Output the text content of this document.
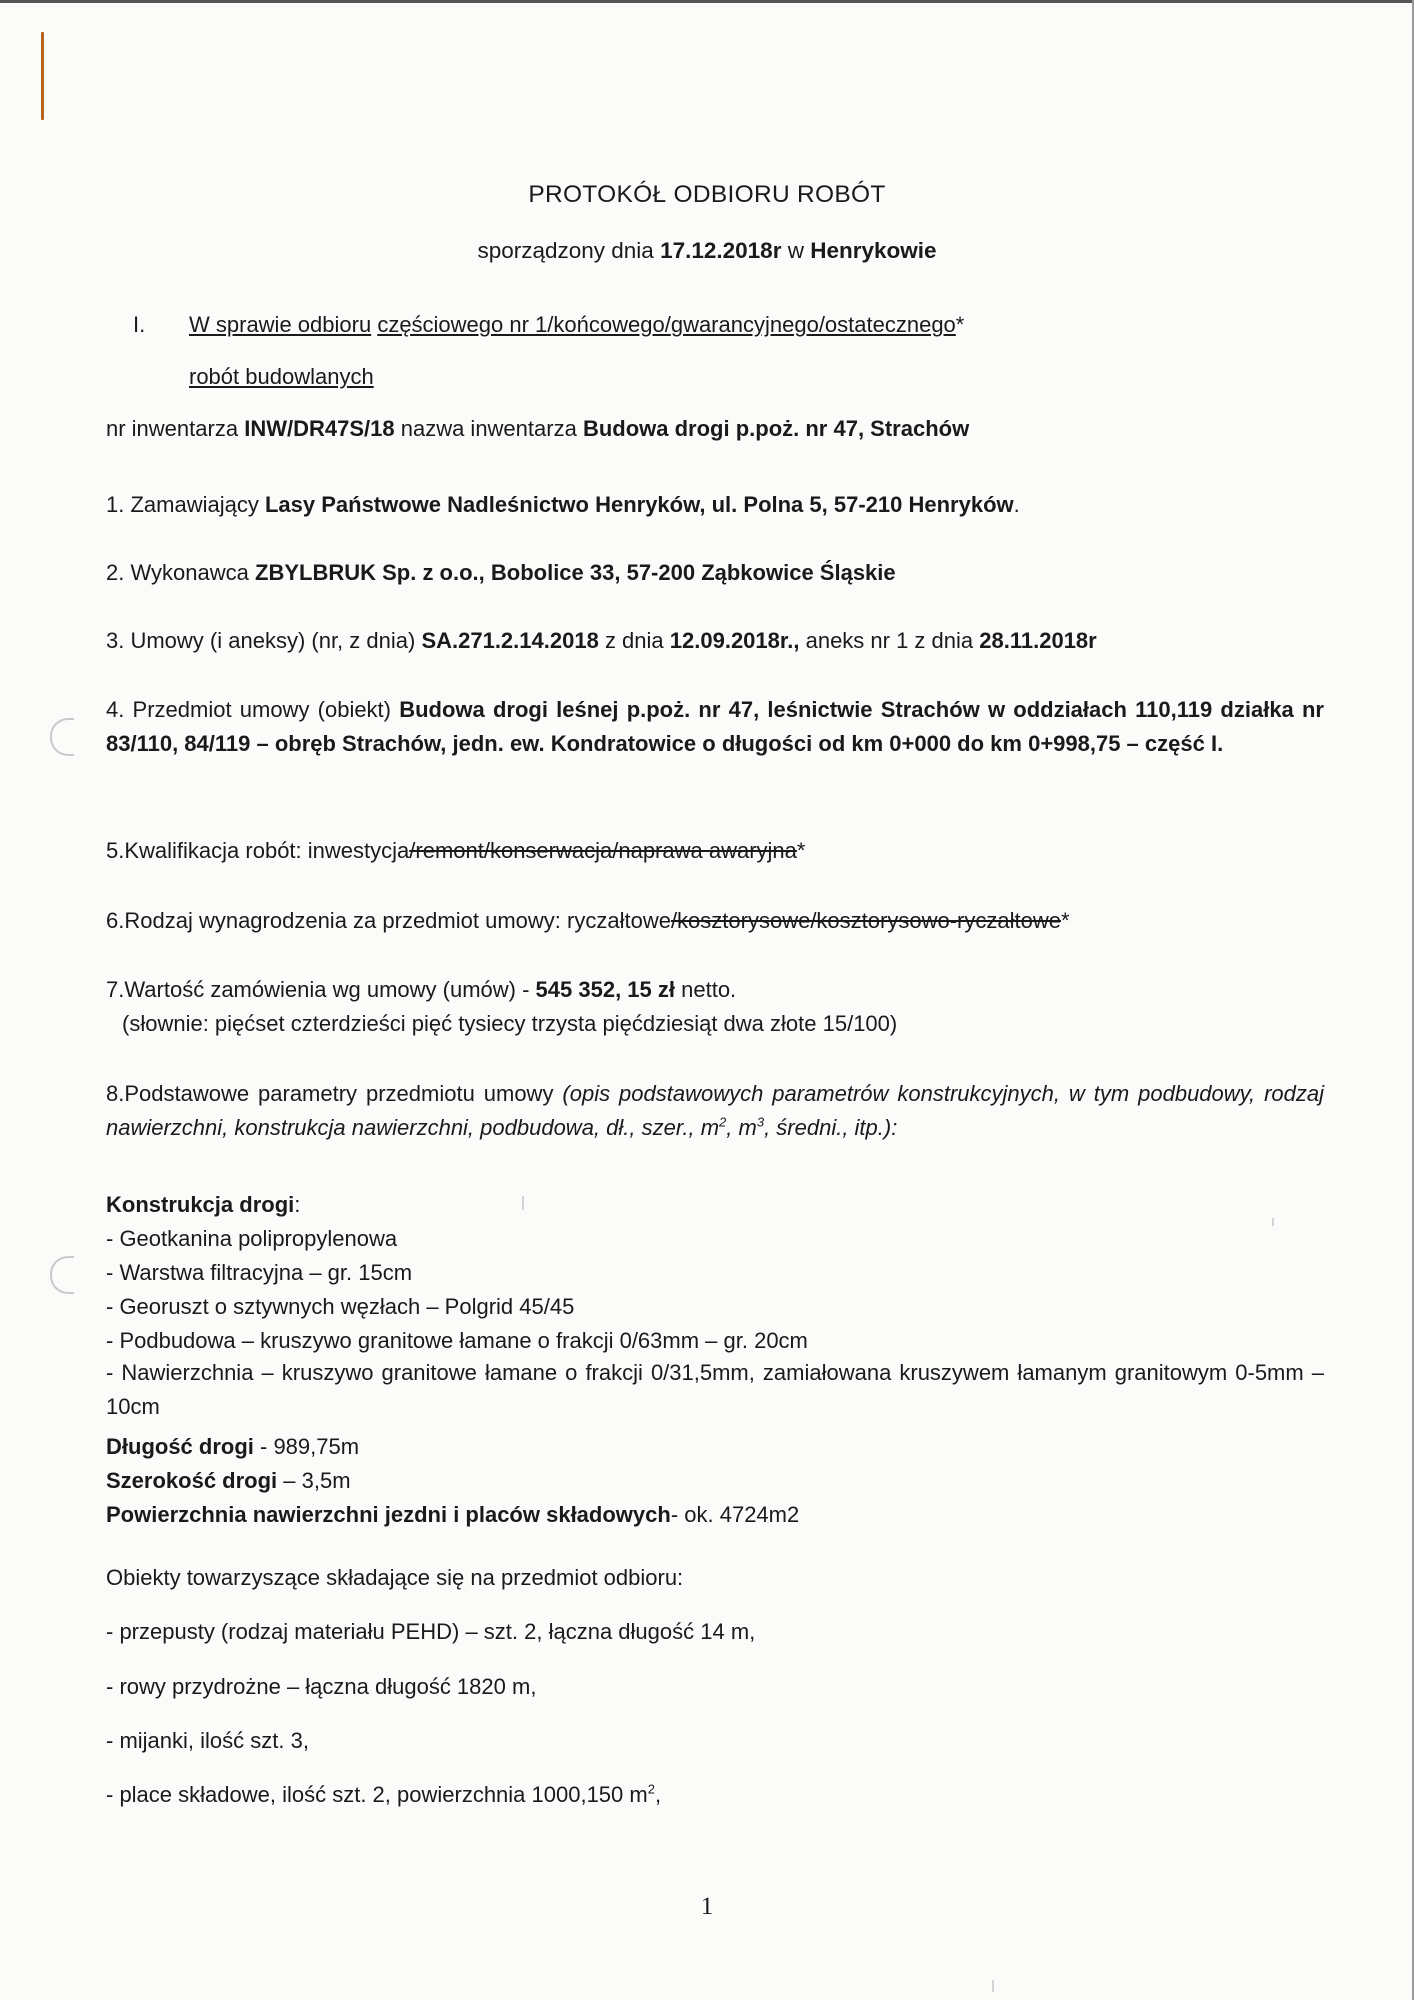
PROTOKÓŁ ODBIORU ROBÓT
sporządzony dnia 17.12.2018r w Henrykowie
I. W sprawie odbioru częściowego nr 1/końcowego/gwarancyjnego/ostatecznego*
robót budowlanych
nr inwentarza INW/DR47S/18 nazwa inwentarza Budowa drogi p.poż. nr 47, Strachów
1. Zamawiający Lasy Państwowe Nadleśnictwo Henryków, ul. Polna 5, 57-210 Henryków.
2. Wykonawca ZBYLBRUK Sp. z o.o., Bobolice 33, 57-200 Ząbkowice Śląskie
3. Umowy (i aneksy) (nr, z dnia) SA.271.2.14.2018 z dnia 12.09.2018r., aneks nr 1 z dnia 28.11.2018r
4. Przedmiot umowy (obiekt) Budowa drogi leśnej p.poż. nr 47, leśnictwie Strachów w oddziałach 110,119 działka nr 83/110, 84/119 – obręb Strachów, jedn. ew. Kondratowice o długości od km 0+000 do km 0+998,75 – część I.
5.Kwalifikacja robót: inwestycja/remont/konserwacja/naprawa awaryjna*
6.Rodzaj wynagrodzenia za przedmiot umowy: ryczałtowe/kosztorysowe/kosztorysowo-ryczałtowe*
7.Wartość zamówienia wg umowy (umów) - 545 352, 15 zł netto.
(słownie: pięćset czterdzieści pięć tysiecy trzysta pięćdziesiąt dwa złote 15/100)
8.Podstawowe parametry przedmiotu umowy (opis podstawowych parametrów konstrukcyjnych, w tym podbudowy, rodzaj nawierzchni, konstrukcja nawierzchni, podbudowa, dł., szer., $m^2$, $m^3$, średni., itp.):
Konstrukcja drogi:
- Geotkanina polipropylenowa
- Warstwa filtracyjna – gr. 15cm
- Georuszt o sztywnych węzłach – Polgrid 45/45
- Podbudowa – kruszywo granitowe łamane o frakcji 0/63mm – gr. 20cm
- Nawierzchnia – kruszywo granitowe łamane o frakcji 0/31,5mm, zamiałowana kruszywem łamanym granitowym 0-5mm – 10cm
Długość drogi - 989,75m
Szerokość drogi – 3,5m
Powierzchnia nawierzchni jezdni i placów składowych- ok. 4724m2
Obiekty towarzyszące składające się na przedmiot odbioru:
- przepusty (rodzaj materiału PEHD) – szt. 2, łączna długość 14 m,
- rowy przydrożne – łączna długość 1820 m,
- mijanki, ilość szt. 3,
- place składowe, ilość szt. 2, powierzchnia 1000,150 $m^2$,
1
